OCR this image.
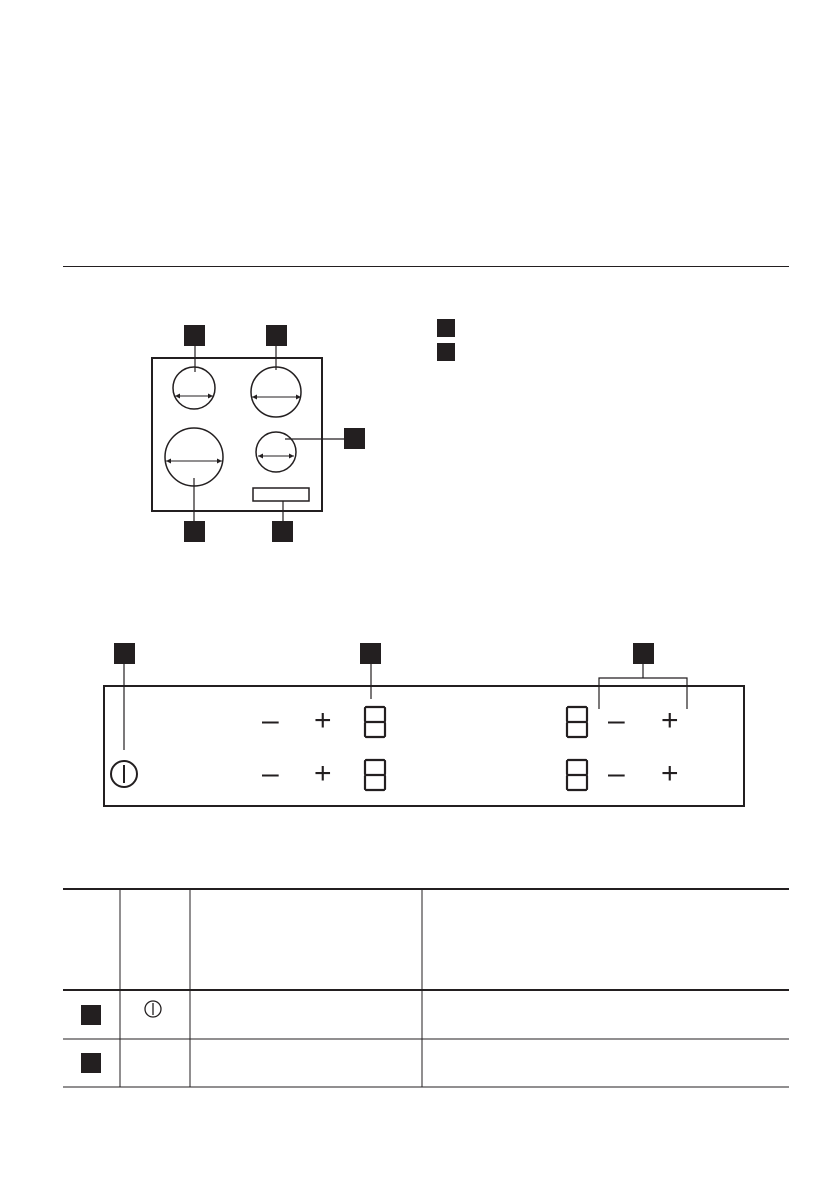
– +	– +
– +	– +
